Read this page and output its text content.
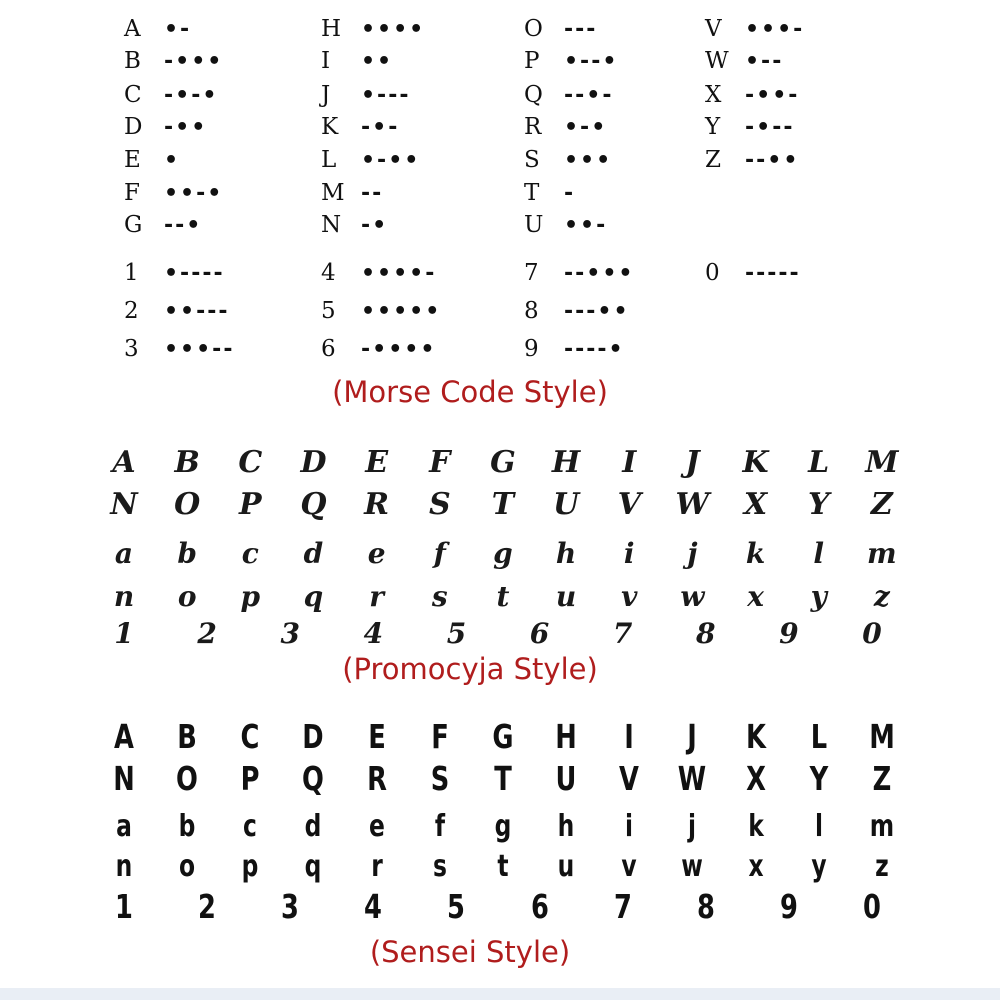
A	•-
B	-•••
C	-•-•
D -••
E	•
F	••-•
G --•
H ••••
I	••
J	•---
K	-•-
L	•-••
M --
N -•
O ---
P	•--•
Q --•-
R	•-•
S	•••
T	-
U ••-
V	•••-
W •--
X	-••-
Y	-•--
Z	--••
1	•----
2	••---
3	•••--
4	••••-
5	•••••
6	-••••
7	--•••
8	---••
9	----•
0	-----
(Morse Code Style)
A	B	C	D	E	F	G	H	I	J	K	L	M
N	O	P	Q	R	S	T	U	V	W	X	Y	Z
a	b	c	d	e	f	g	h	i	j	k	l	m
n	o	p	q	r	s	t	u	v	w	x	y	z
1	2	3	4	5	6	7	8	9	0
(Promocyja Style)
A	B	C	D	E	F	G H	I	J	K	L	M
N O	P	Q	R	S	T	U	V	W	X	Y	Z
a	b	c	d	e	f	g	h	i	j	k	l	m
n	o	p	q	r	s	t	u	v	w	x	y	z
1	2	3	4	5	6	7	8	9	0
(Sensei Style)
